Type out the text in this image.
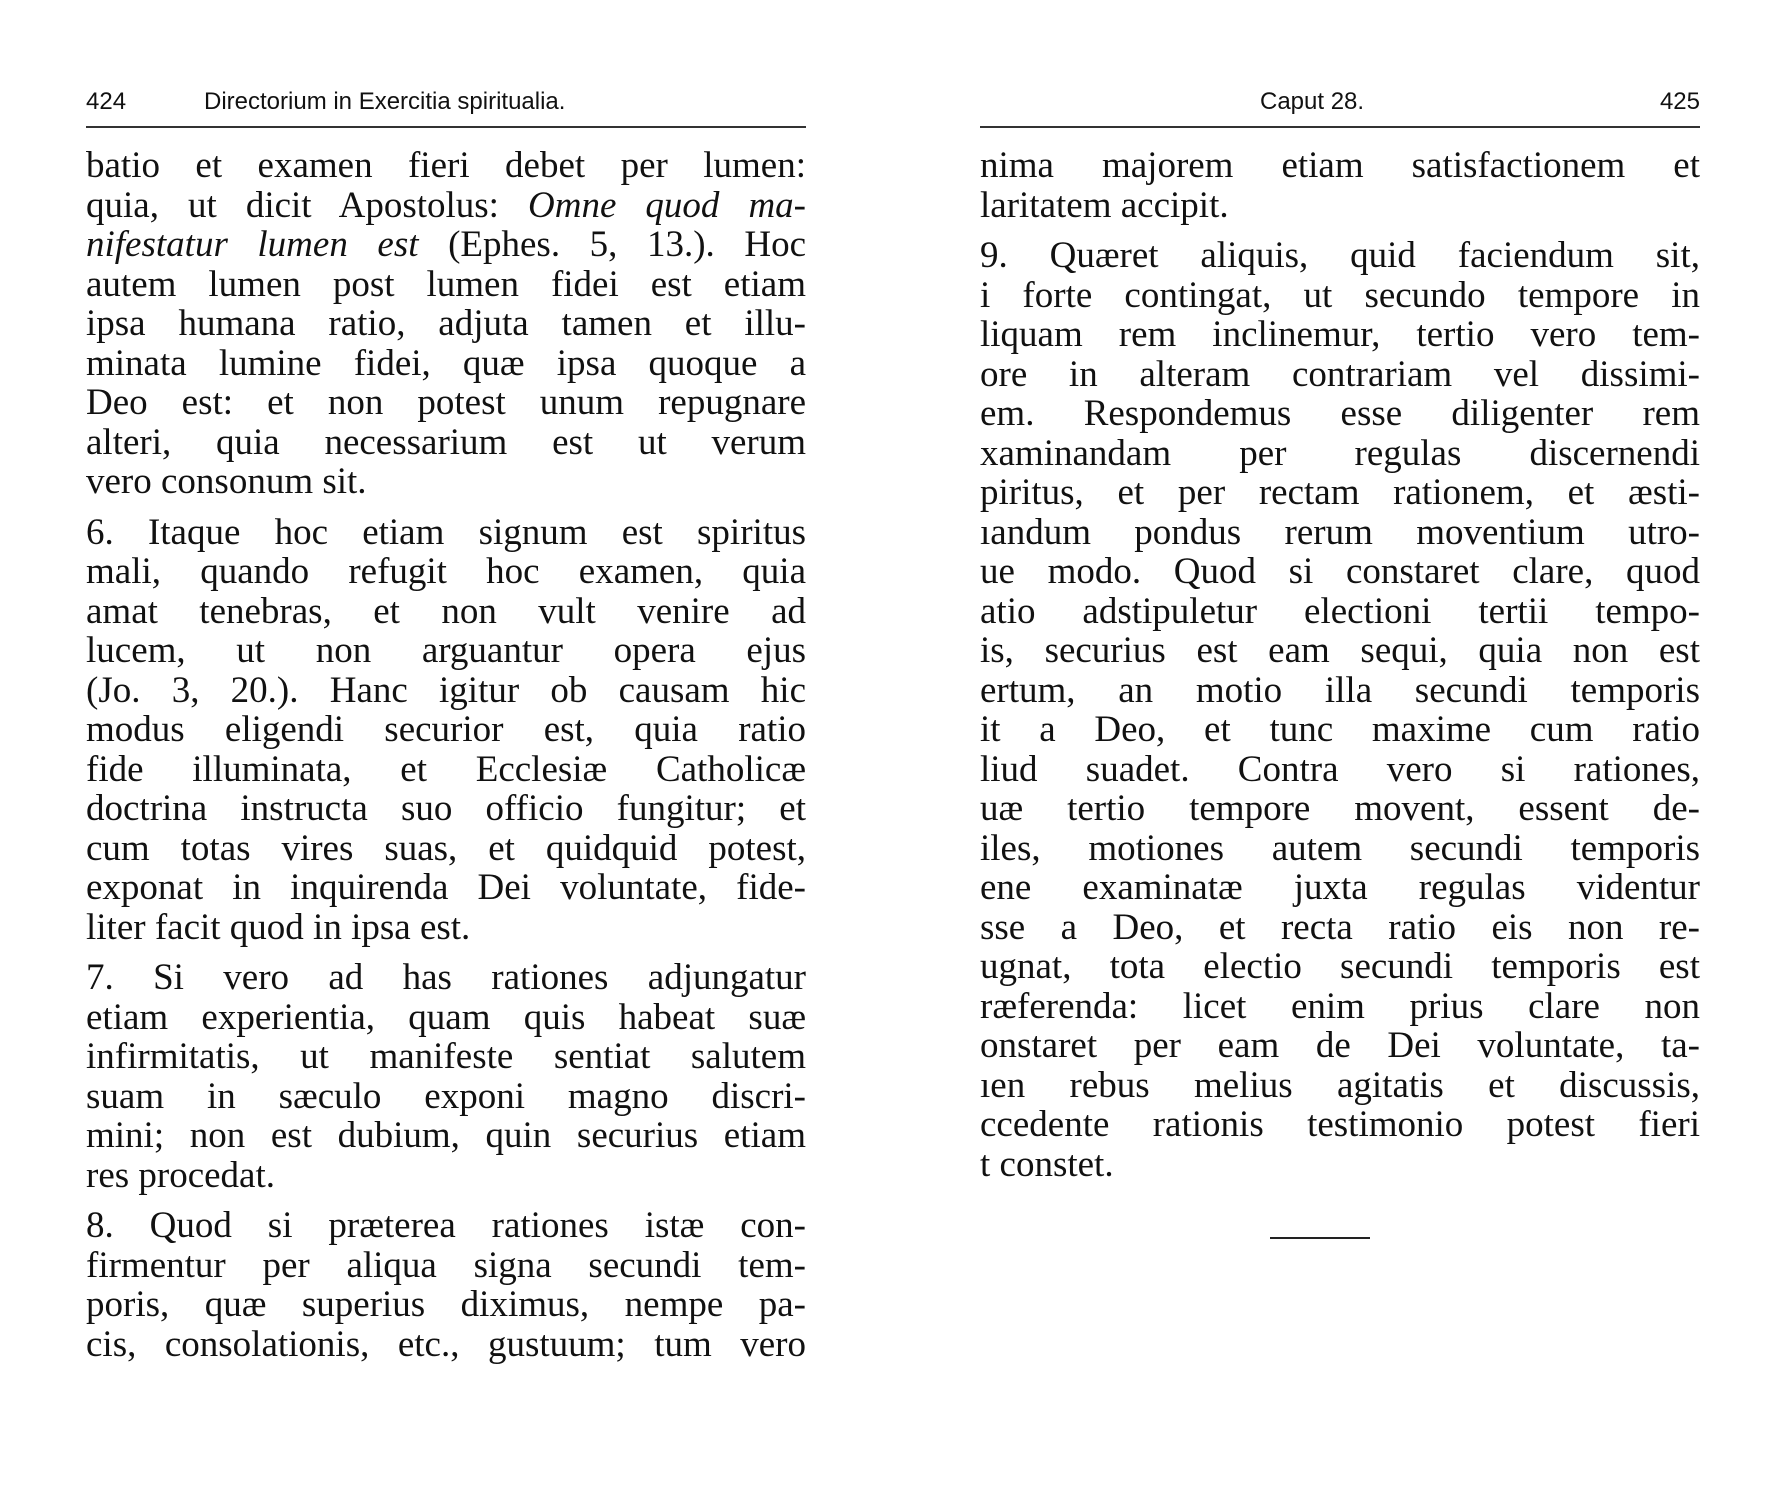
424	Directorium in Exercitia spiritualia.

batio et examen fieri debet per lumen:

quia, ut dicit Apostolus: Omne quod ma-

nifestatur lumen est (Ephes. 5, 13.). Hoc

autem lumen post lumen fidei est etiam

ipsa humana ratio, adjuta tamen et illu-

minata lumine fidei, quæ ipsa quoque a

Deo est: et non potest unum repugnare

alteri, quia necessarium est ut verum

vero consonum sit.

6. Itaque hoc etiam signum est spiritus

mali, quando refugit hoc examen, quia

amat tenebras, et non vult venire ad

lucem, ut non arguantur opera ejus

(Jo. 3, 20.). Hanc igitur ob causam hic

modus eligendi securior est, quia ratio

fide illuminata, et Ecclesiæ Catholicæ

doctrina instructa suo officio fungitur; et

cum totas vires suas, et quidquid potest,

exponat in inquirenda Dei voluntate, fide-

liter facit quod in ipsa est.

7. Si vero ad has rationes adjungatur

etiam experientia, quam quis habeat suæ

infirmitatis, ut manifeste sentiat salutem

suam in sæculo exponi magno discri-

mini; non est dubium, quin securius etiam

res procedat.

8. Quod si præterea rationes istæ con-

firmentur per aliqua signa secundi tem-

poris, quæ superius diximus, nempe pa-

cis, consolationis, etc., gustuum; tum vero

Caput 28.	425

nima majorem etiam satisfactionem et

laritatem accipit.

9. Quæret aliquis, quid faciendum sit,

i forte contingat, ut secundo tempore in

liquam rem inclinemur, tertio vero tem-

ore in alteram contrariam vel dissimi-

em. Respondemus esse diligenter rem

xaminandam per regulas discernendi

piritus, et per rectam rationem, et æsti-

ıandum pondus rerum moventium utro-

ue modo. Quod si constaret clare, quod

atio adstipuletur electioni tertii tempo-

is, securius est eam sequi, quia non est

ertum, an motio illa secundi temporis

it a Deo, et tunc maxime cum ratio

liud suadet. Contra vero si rationes,

uæ tertio tempore movent, essent de-

iles, motiones autem secundi temporis

ene examinatæ juxta regulas videntur

sse a Deo, et recta ratio eis non re-

ugnat, tota electio secundi temporis est

ræferenda: licet enim prius clare non

onstaret per eam de Dei voluntate, ta-

ıen rebus melius agitatis et discussis,

ccedente rationis testimonio potest fieri

t constet.
